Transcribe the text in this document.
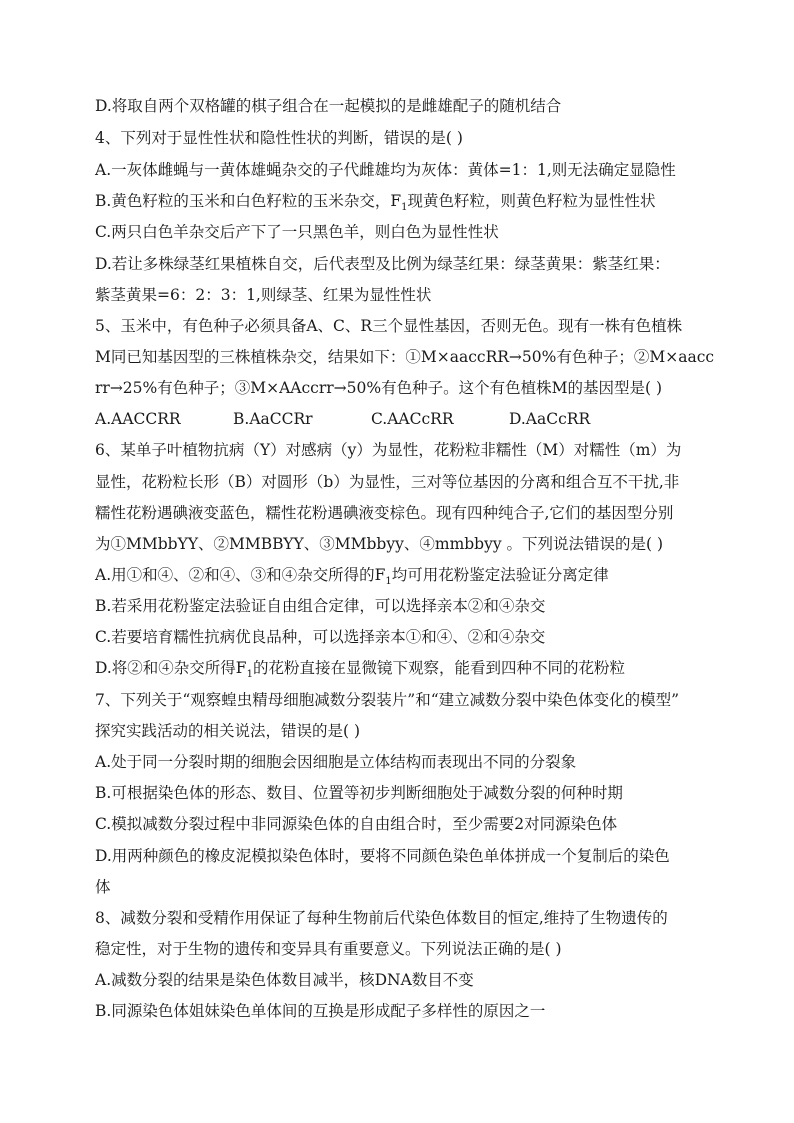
D.将取自两个双格罐的棋子组合在一起模拟的是雌雄配子的随机结合
4、下列对于显性性状和隐性性状的判断，错误的是( )
A.一灰体雌蝇与一黄体雄蝇杂交的子代雌雄均为灰体：黄体=1：1,则无法确定显隐性
B.黄色籽粒的玉米和白色籽粒的玉米杂交，$F_1$现黄色籽粒，则黄色籽粒为显性性状
C.两只白色羊杂交后产下了一只黑色羊，则白色为显性性状
D.若让多株绿茎红果植株自交，后代表型及比例为绿茎红果：绿茎黄果：紫茎红果：
紫茎黄果=6：2：3：1,则绿茎、红果为显性性状
5、玉米中，有色种子必须具备A、C、R三个显性基因，否则无色。现有一株有色植株
M同已知基因型的三株植株杂交，结果如下：①M×aaccRR→50%有色种子；②M×aacc
rr→25%有色种子；③M×AAccrr→50%有色种子。这个有色植株M的基因型是( )
A.AACCRR	B.AaCCRr	C.AACcRR	D.AaCcRR
6、某单子叶植物抗病（Y）对感病（y）为显性，花粉粒非糯性（M）对糯性（m）为
显性，花粉粒长形（B）对圆形（b）为显性，三对等位基因的分离和组合互不干扰,非
糯性花粉遇碘液变蓝色，糯性花粉遇碘液变棕色。现有四种纯合子,它们的基因型分别
为①MMbbYY、②MMBBYY、③MMbbyy、④mmbbyy 。下列说法错误的是( )
A.用①和④、②和④、③和④杂交所得的$F_1$均可用花粉鉴定法验证分离定律
B.若采用花粉鉴定法验证自由组合定律，可以选择亲本②和④杂交
C.若要培育糯性抗病优良品种，可以选择亲本①和④、②和④杂交
D.将②和④杂交所得$F_1$的花粉直接在显微镜下观察，能看到四种不同的花粉粒
7、下列关于“观察蝗虫精母细胞减数分裂装片”和“建立减数分裂中染色体变化的模型”
探究实践活动的相关说法，错误的是( )
A.处于同一分裂时期的细胞会因细胞是立体结构而表现出不同的分裂象
B.可根据染色体的形态、数目、位置等初步判断细胞处于减数分裂的何种时期
C.模拟减数分裂过程中非同源染色体的自由组合时，至少需要2对同源染色体
D.用两种颜色的橡皮泥模拟染色体时，要将不同颜色染色单体拼成一个复制后的染色
体
8、减数分裂和受精作用保证了每种生物前后代染色体数目的恒定,维持了生物遗传的
稳定性，对于生物的遗传和变异具有重要意义。下列说法正确的是( )
A.减数分裂的结果是染色体数目减半，核DNA数目不变
B.同源染色体姐妹染色单体间的互换是形成配子多样性的原因之一
